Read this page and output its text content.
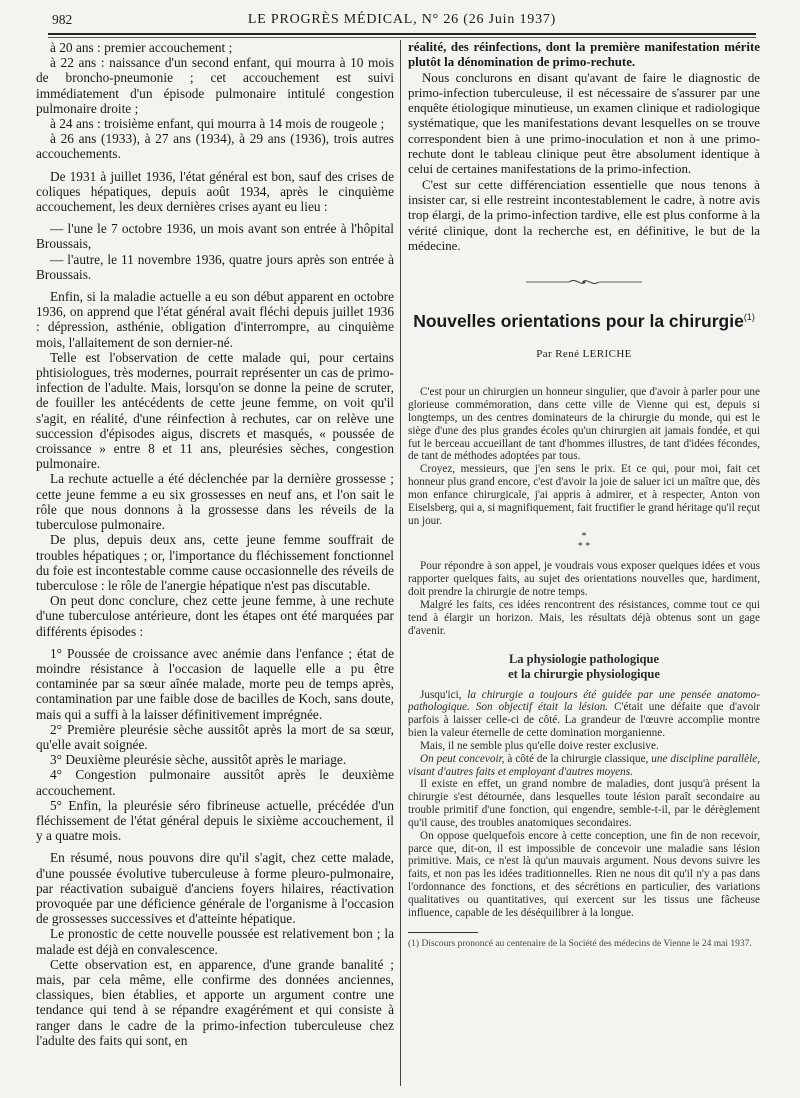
982	LE PROGRÈS MÉDICAL, N° 26 (26 Juin 1937)

à 20 ans : premier accouchement ;

à 22 ans : naissance d'un second enfant, qui mourra à 10 mois de broncho-pneumonie ; cet accouchement est suivi immédiatement d'un épisode pulmonaire intitulé congestion pulmonaire droite ;

à 24 ans : troisième enfant, qui mourra à 14 mois de rougeole ;

à 26 ans (1933), à 27 ans (1934), à 29 ans (1936), trois autres accouchements.

De 1931 à juillet 1936, l'état général est bon, sauf des crises de coliques hépatiques, depuis août 1934, après le cinquième accouchement, les deux dernières crises ayant eu lieu :

— l'une le 7 octobre 1936, un mois avant son entrée à l'hôpital Broussais,

— l'autre, le 11 novembre 1936, quatre jours après son entrée à Broussais.

Enfin, si la maladie actuelle a eu son début apparent en octobre 1936, on apprend que l'état général avait fléchi depuis juillet 1936 : dépression, asthénie, obligation d'interrompre, au cinquième mois, l'allaitement de son dernier-né.

Telle est l'observation de cette malade qui, pour certains phtisiologues, très modernes, pourrait représenter un cas de primo-infection de l'adulte. Mais, lorsqu'on se donne la peine de scruter, de fouiller les antécédents de cette jeune femme, on voit qu'il s'agit, en réalité, d'une réinfection à rechutes, car on relève une succession d'épisodes aigus, discrets et masqués, « poussée de croissance » entre 8 et 11 ans, pleurésies sèches, congestion pulmonaire.

La rechute actuelle a été déclenchée par la dernière grossesse ; cette jeune femme a eu six grossesses en neuf ans, et l'on sait le rôle que nous donnons à la grossesse dans les réveils de la tuberculose pulmonaire.

De plus, depuis deux ans, cette jeune femme souffrait de troubles hépatiques ; or, l'importance du fléchissement fonctionnel du foie est incontestable comme cause occasionnelle des réveils de tuberculose : le rôle de l'anergie hépatique n'est pas discutable.

On peut donc conclure, chez cette jeune femme, à une rechute d'une tuberculose antérieure, dont les étapes ont été marquées par différents épisodes :

1° Poussée de croissance avec anémie dans l'enfance ; état de moindre résistance à l'occasion de laquelle elle a pu être contaminée par sa sœur aînée malade, morte peu de temps après, contamination par une faible dose de bacilles de Koch, sans doute, mais qui a suffi à la laisser définitivement imprégnée.

2° Première pleurésie sèche aussitôt après la mort de sa sœur, qu'elle avait soignée.

3° Deuxième pleurésie sèche, aussitôt après le mariage.

4° Congestion pulmonaire aussitôt après le deuxième accouchement.

5° Enfin, la pleurésie séro fibrineuse actuelle, précédée d'un fléchissement de l'état général depuis le sixième accouchement, il y a quatre mois.

En résumé, nous pouvons dire qu'il s'agit, chez cette malade, d'une poussée évolutive tuberculeuse à forme pleuro-pulmonaire, par réactivation subaiguë d'anciens foyers hilaires, réactivation provoquée par une déficience générale de l'organisme à l'occasion de grossesses successives et d'atteinte hépatique.

Le pronostic de cette nouvelle poussée est relativement bon ; la malade est déjà en convalescence.

Cette observation est, en apparence, d'une grande banalité ; mais, par cela même, elle confirme des données anciennes, classiques, bien établies, et apporte un argument contre une tendance qui tend à se répandre exagérément et qui consiste à ranger dans le cadre de la primo-infection tuberculeuse chez l'adulte des faits qui sont, en

réalité, des réinfections, dont la première manifestation mérite plutôt la dénomination de primo-rechute.

Nous conclurons en disant qu'avant de faire le diagnostic de primo-infection tuberculeuse, il est nécessaire de s'assurer par une enquête étiologique minutieuse, un examen clinique et radiologique systématique, que les manifestations devant lesquelles on se trouve correspondent bien à une primo-inoculation et non à une primo-rechute dont le tableau clinique peut être absolument identique à celui de certaines manifestations de la primo-infection.

C'est sur cette différenciation essentielle que nous tenons à insister car, si elle restreint incontestablement le cadre, à notre avis trop élargi, de la primo-infection tardive, elle est plus conforme à la vérité clinique, dont la recherche est, en définitive, le but de la médecine.

Nouvelles orientations pour la chirurgie$^{(1)}$
Par René LERICHE

C'est pour un chirurgien un honneur singulier, que d'avoir à parler pour une glorieuse commémoration, dans cette ville de Vienne qui est, depuis si longtemps, un des centres dominateurs de la chirurgie du monde, qui est le siège d'une des plus grandes écoles qu'un chirurgien ait jamais fondée, et qui fut le berceau accueillant de tant d'hommes illustres, de tant d'idées fécondes, de tant de méthodes adoptées par tous.

Croyez, messieurs, que j'en sens le prix. Et ce qui, pour moi, fait cet honneur plus grand encore, c'est d'avoir la joie de saluer ici un maître que, dès mon enfance chirurgicale, j'ai appris à admirer, et à respecter, Anton von Eiselsberg, qui a, si magnifiquement, fait fructifier le grand héritage qu'il reçut un jour.

*
* *

Pour répondre à son appel, je voudrais vous exposer quelques idées et vous rapporter quelques faits, au sujet des orientations nouvelles que, hardiment, doit prendre la chirurgie de notre temps.

Malgré les faits, ces idées rencontrent des résistances, comme tout ce qui tend à élargir un horizon. Mais, les résultats déjà obtenus sont un gage d'avenir.

La physiologie pathologique
et la chirurgie physiologique

Jusqu'ici, la chirurgie a toujours été guidée par une pensée anatomo-pathologique. Son objectif était la lésion. C'était une défaite que d'avoir parfois à laisser celle-ci de côté. La grandeur de l'œuvre accomplie montre bien la valeur éternelle de cette domination morganienne.

Mais, il ne semble plus qu'elle doive rester exclusive.

On peut concevoir, à côté de la chirurgie classique, une discipline parallèle, visant d'autres faits et employant d'autres moyens.

Il existe en effet, un grand nombre de maladies, dont jusqu'à présent la chirurgie s'est détournée, dans lesquelles toute lésion paraît secondaire au trouble primitif d'une fonction, qui engendre, semble-t-il, par le dérèglement qu'il cause, des troubles anatomiques secondaires.

On oppose quelquefois encore à cette conception, une fin de non recevoir, parce que, dit-on, il est impossible de concevoir une maladie sans lésion primitive. Mais, ce n'est là qu'un mauvais argument. Nous devons suivre les faits, et non pas les idées traditionnelles. Rien ne nous dit qu'il n'y a pas dans l'ordonnance des fonctions, et des sécrétions en particulier, des variations qualitatives ou quantitatives, qui exercent sur les tissus une fâcheuse influence, capable de les déséquilibrer à la longue.

(1) Discours prononcé au centenaire de la Société des médecins de Vienne le 24 mai 1937.
